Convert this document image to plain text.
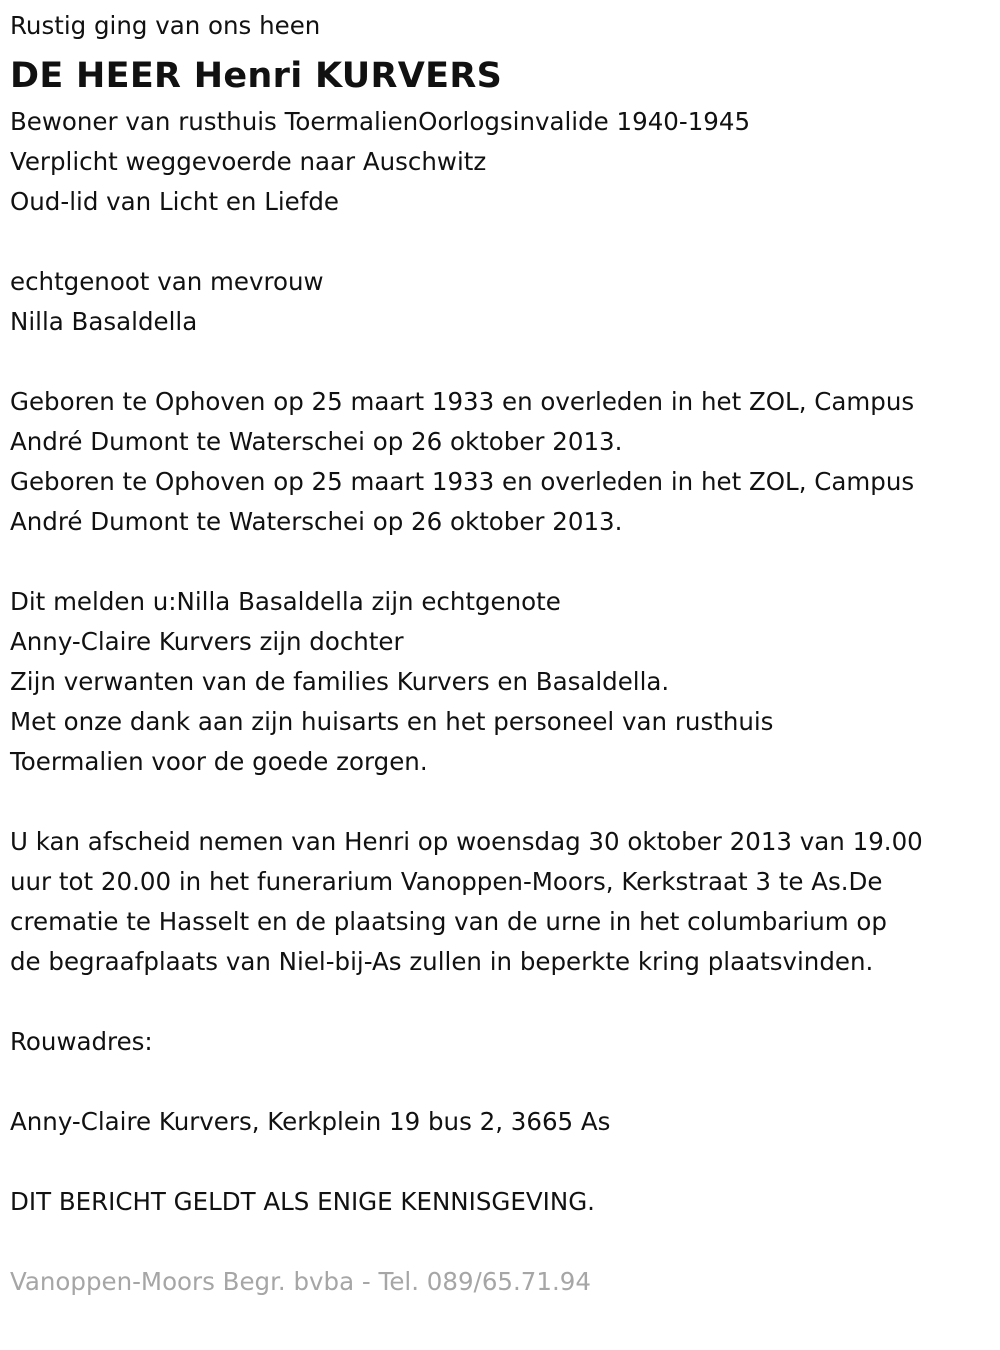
Rustig ging van ons heen

DE HEER Henri KURVERS

Bewoner van rusthuis ToermalienOorlogsinvalide 1940-1945

Verplicht weggevoerde naar Auschwitz

Oud-lid van Licht en Liefde

echtgenoot van mevrouw

Nilla Basaldella

Geboren te Ophoven op 25 maart 1933 en overleden in het ZOL, Campus

André Dumont te Waterschei op 26 oktober 2013.

Geboren te Ophoven op 25 maart 1933 en overleden in het ZOL, Campus

André Dumont te Waterschei op 26 oktober 2013.

Dit melden u:Nilla Basaldella zijn echtgenote

Anny-Claire Kurvers zijn dochter

Zijn verwanten van de families Kurvers en Basaldella.

Met onze dank aan zijn huisarts en het personeel van rusthuis

Toermalien voor de goede zorgen.

U kan afscheid nemen van Henri op woensdag 30 oktober 2013 van 19.00

uur tot 20.00 in het funerarium Vanoppen-Moors, Kerkstraat 3 te As.De

crematie te Hasselt en de plaatsing van de urne in het columbarium op

de begraafplaats van Niel-bij-As zullen in beperkte kring plaatsvinden.

Rouwadres:

Anny-Claire Kurvers, Kerkplein 19 bus 2, 3665 As

DIT BERICHT GELDT ALS ENIGE KENNISGEVING.

Vanoppen-Moors Begr. bvba - Tel. 089/65.71.94
